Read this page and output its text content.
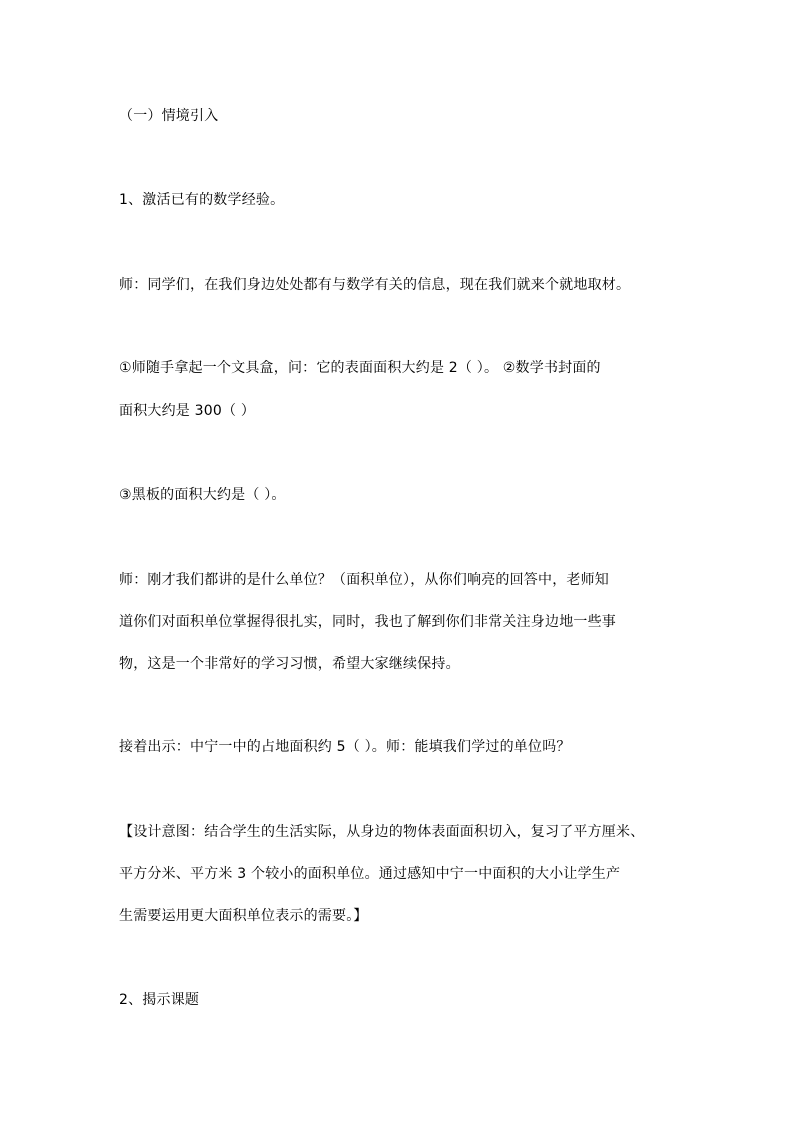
（一）情境引入
1、激活已有的数学经验。
师：同学们，在我们身边处处都有与数学有关的信息，现在我们就来个就地取材。
①师随手拿起一个文具盒，问：它的表面面积大约是 2（ ）。 ②数学书封面的
面积大约是 300（ ）
③黑板的面积大约是（ ）。
师：刚才我们都讲的是什么单位？（面积单位），从你们响亮的回答中，老师知
道你们对面积单位掌握得很扎实，同时，我也了解到你们非常关注身边地一些事
物，这是一个非常好的学习习惯，希望大家继续保持。
接着出示：中宁一中的占地面积约 5（ ）。师：能填我们学过的单位吗？
【设计意图：结合学生的生活实际，从身边的物体表面面积切入，复习了平方厘米、
平方分米、平方米 3 个较小的面积单位。通过感知中宁一中面积的大小让学生产
生需要运用更大面积单位表示的需要。】
2、揭示课题
